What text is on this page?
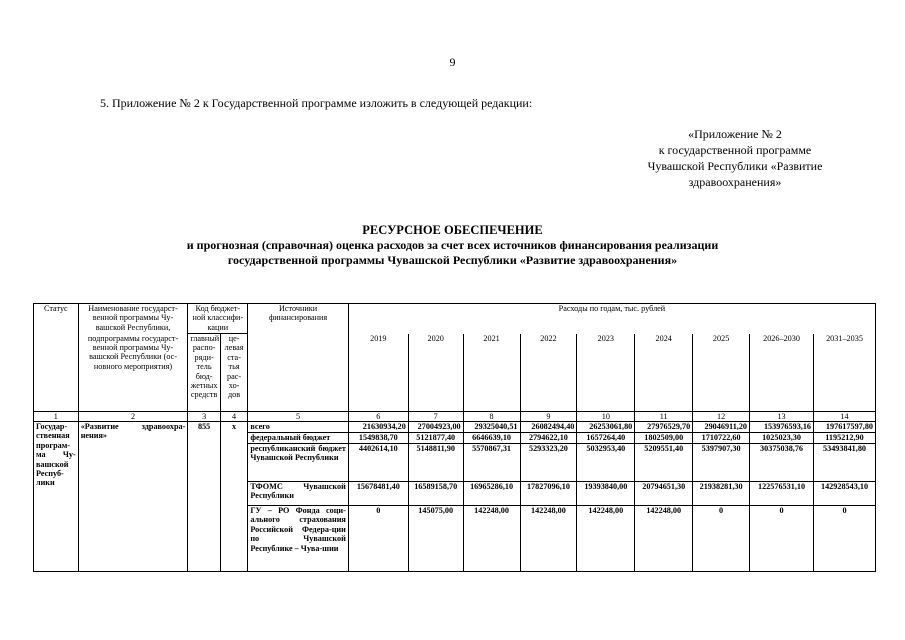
9
5. Приложение № 2 к Государственной программе изложить в следующей редакции:
«Приложение № 2
к государственной программе
Чувашской Республики «Развитие
здравоохранения»
РЕСУРСНОЕ ОБЕСПЕЧЕНИЕ
и прогнозная (справочная) оценка расходов за счет всех источников финансирования реализации
государственной программы Чувашской Республики «Развитие здравоохранения»
Статус	Наименование государст-венной программы Чу-вашской Республики,	Код бюджет-ной классифи-кации		Источники финансирования	Расходы по годам, тыс. рублей								
	подпрограммы государст-венной программы Чу-вашской Республики (ос-новного мероприятия)	главный распо-ряди-тель бюд-жетных средств	це-левая ста-тья рас-хо-дов		2019	2020	2021	2022	2023	2024	2025	2026–2030	2031–2035

1	2	3	4	5	6	7	8	9	10	11	12	13	14
Государ-ственная програм-ма Чу-вашской Респуб-лики	«Развитие здравоохра-нения»	855	х	всего	21630934,20	27004923,00	29325040,51	26082494,40	26253061,80	27976529,70	29046911,20	153976593,16	197617597,80
				федеральный бюджет	1549838,70	5121877,40	6646639,10	2794622,10	1657264,40	1802509,00	1710722,60	1025023,30	1195212,90
				республиканский бюджет Чувашской Республики	4402614,10	5148811,90	5570867,31	5293323,20	5032953,40	5209551,40	5397907,30	30375038,76	53493841,80
				ТФОМС Чувашской Республики	15678481,40	16589158,70	16965286,10	17827096,10	19393840,00	20794651,30	21938281,30	122576531,10	142928543,10
				ГУ – РО Фонда соци-ального страхования Российской Федера-ции по Чувашской Республике – Чува-шии	0	145075,00	142248,00	142248,00	142248,00	142248,00	0	0	0
